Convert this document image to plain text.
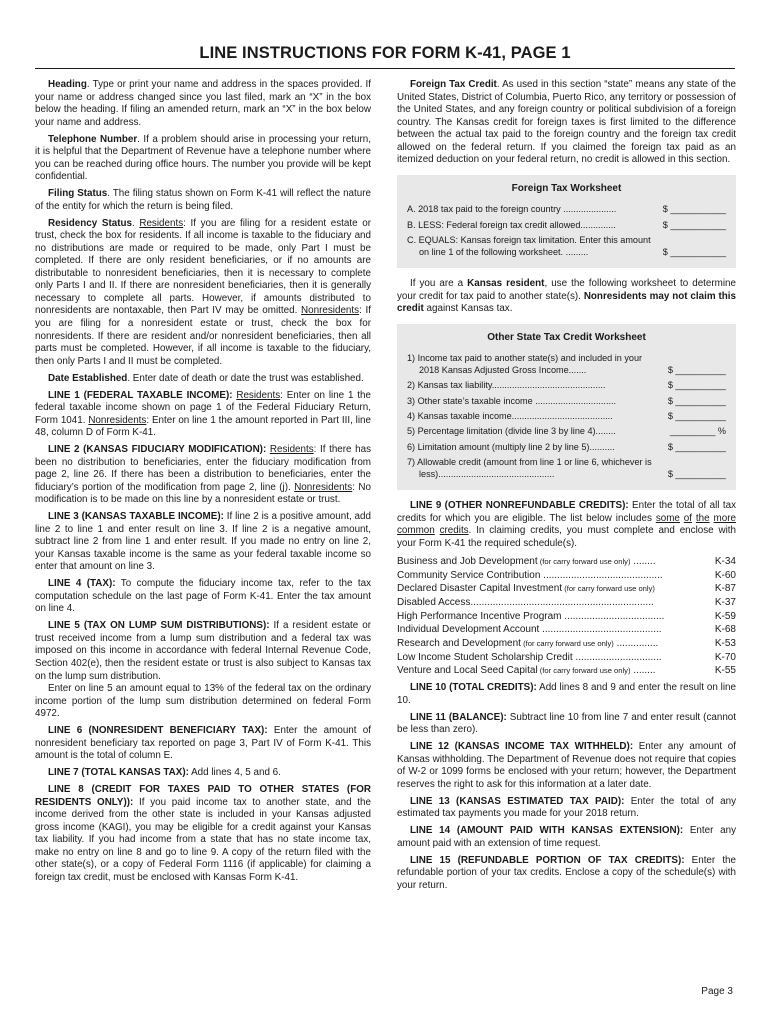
LINE INSTRUCTIONS FOR FORM K-41, PAGE 1

Heading. Type or print your name and address in the spaces provided. If your name or address changed since you last filed, mark an “X” in the box below the heading. If filing an amended return, mark an “X” in the box below your name and address.

Telephone Number. If a problem should arise in processing your return, it is helpful that the Department of Revenue have a telephone number where you can be reached during office hours. The number you provide will be kept confidential.

Filing Status. The filing status shown on Form K-41 will reflect the nature of the entity for which the return is being filed.

Residency Status. Residents: If you are filing for a resident estate or trust, check the box for residents. If all income is taxable to the fiduciary and no distributions are made or required to be made, only Part I must be completed. If there are only resident beneficiaries, or if no amounts are distributable to nonresident beneficiaries, then it is necessary to complete only Parts I and II. If there are nonresident beneficiaries, then it is generally necessary to complete all parts. However, if amounts distributed to nonresidents are nontaxable, then Part IV may be omitted. Nonresidents: If you are filing for a nonresident estate or trust, check the box for nonresidents. If there are resident and/or nonresident beneficiaries, then all parts must be completed. However, if all income is taxable to the fiduciary, then only Parts I and II must be completed.

Date Established. Enter date of death or date the trust was established.

LINE 1 (FEDERAL TAXABLE INCOME): Residents: Enter on line 1 the federal taxable income shown on page 1 of the Federal Fiduciary Return, Form 1041. Nonresidents: Enter on line 1 the amount reported in Part III, line 48, column D of Form K-41.

LINE 2 (KANSAS FIDUCIARY MODIFICATION): Residents: If there has been no distribution to beneficiaries, enter the fiduciary modification from page 2, line 26. If there has been a distribution to beneficiaries, enter the fiduciary’s portion of the modification from page 2, line (j). Nonresidents: No modification is to be made on this line by a nonresident estate or trust.

LINE 3 (KANSAS TAXABLE INCOME): If line 2 is a positive amount, add line 2 to line 1 and enter result on line 3. If line 2 is a negative amount, subtract line 2 from line 1 and enter result. If you made no entry on line 2, your Kansas taxable income is the same as your federal taxable income so enter that amount on line 3.

LINE 4 (TAX): To compute the fiduciary income tax, refer to the tax computation schedule on the last page of Form K-41. Enter the tax amount on line 4.

LINE 5 (TAX ON LUMP SUM DISTRIBUTIONS): If a resident estate or trust received income from a lump sum distribution and a federal tax was imposed on this income in accordance with federal Internal Revenue Code, Section 402(e), then the resident estate or trust is also subject to Kansas tax on the lump sum distribution.

Enter on line 5 an amount equal to 13% of the federal tax on the ordinary income portion of the lump sum distribution determined on federal Form 4972.

LINE 6 (NONRESIDENT BENEFICIARY TAX): Enter the amount of nonresident beneficiary tax reported on page 3, Part IV of Form K-41. This amount is the total of column E.

LINE 7 (TOTAL KANSAS TAX): Add lines 4, 5 and 6.

LINE 8 (CREDIT FOR TAXES PAID TO OTHER STATES (FOR RESIDENTS ONLY)): If you paid income tax to another state, and the income derived from the other state is included in your Kansas adjusted gross income (KAGI), you may be eligible for a credit against your Kansas tax liability. If you had income from a state that has no state income tax, make no entry on line 8 and go to line 9. A copy of the return filed with the other state(s), or a copy of Federal Form 1116 (if applicable) for claiming a foreign tax credit, must be enclosed with Kansas Form K-41.

Foreign Tax Credit. As used in this section “state” means any state of the United States, District of Columbia, Puerto Rico, any territory or possession of the United States, and any foreign country or political subdivision of a foreign country. The Kansas credit for foreign taxes is first limited to the difference between the actual tax paid to the foreign country and the foreign tax credit allowed on the federal return. If you claimed the foreign tax paid as an itemized deduction on your federal return, no credit is allowed in this section.

Foreign Tax Worksheet
A. 2018 tax paid to the foreign country .....................	$ ___________
B. LESS: Federal foreign tax credit allowed..............	$ ___________
C. EQUALS: Kansas foreign tax limitation. Enter this amount on line 1 of the following worksheet. .........	$ ___________

If you are a Kansas resident, use the following worksheet to determine your credit for tax paid to another state(s). Nonresidents may not claim this credit against Kansas tax.

Other State Tax Credit Worksheet
1) Income tax paid to another state(s) and included in your 2018 Kansas Adjusted Gross Income.......	$ __________
2) Kansas tax liability.............................................	$ __________
3) Other state’s taxable income ................................	$ __________
4) Kansas taxable income........................................	$ __________
5) Percentage limitation (divide line 3 by line 4)........	_________ %
6) Limitation amount (multiply line 2 by line 5)..........	$ __________
7) Allowable credit (amount from line 1 or line 6, whichever is less)..............................................	$ __________

LINE 9 (OTHER NONREFUNDABLE CREDITS): Enter the total of all tax credits for which you are eligible. The list below includes some of the more common credits. In claiming credits, you must complete and enclose with your Form K-41 the required schedule(s).

Business and Job Development (for carry forward use only) ........	K-34
Community Service Contribution ...........................................	K-60
Declared Disaster Capital Investment (for carry forward use only)	K-87
Disabled Access..................................................................	K-37
High Performance Incentive Program ....................................	K-59
Individual Development Account ...........................................	K-68
Research and Development (for carry forward use only) ...............	K-53
Low Income Student Scholarship Credit ...............................	K-70
Venture and Local Seed Capital (for carry forward use only) ........	K-55

LINE 10 (TOTAL CREDITS): Add lines 8 and 9 and enter the result on line 10.

LINE 11 (BALANCE): Subtract line 10 from line 7 and enter result (cannot be less than zero).

LINE 12 (KANSAS INCOME TAX WITHHELD): Enter any amount of Kansas withholding. The Department of Revenue does not require that copies of W-2 or 1099 forms be enclosed with your return; however, the Department reserves the right to ask for this information at a later date.

LINE 13 (KANSAS ESTIMATED TAX PAID): Enter the total of any estimated tax payments you made for your 2018 return.

LINE 14 (AMOUNT PAID WITH KANSAS EXTENSION): Enter any amount paid with an extension of time request.

LINE 15 (REFUNDABLE PORTION OF TAX CREDITS): Enter the refundable portion of your tax credits. Enclose a copy of the schedule(s) with your return.

Page 3
